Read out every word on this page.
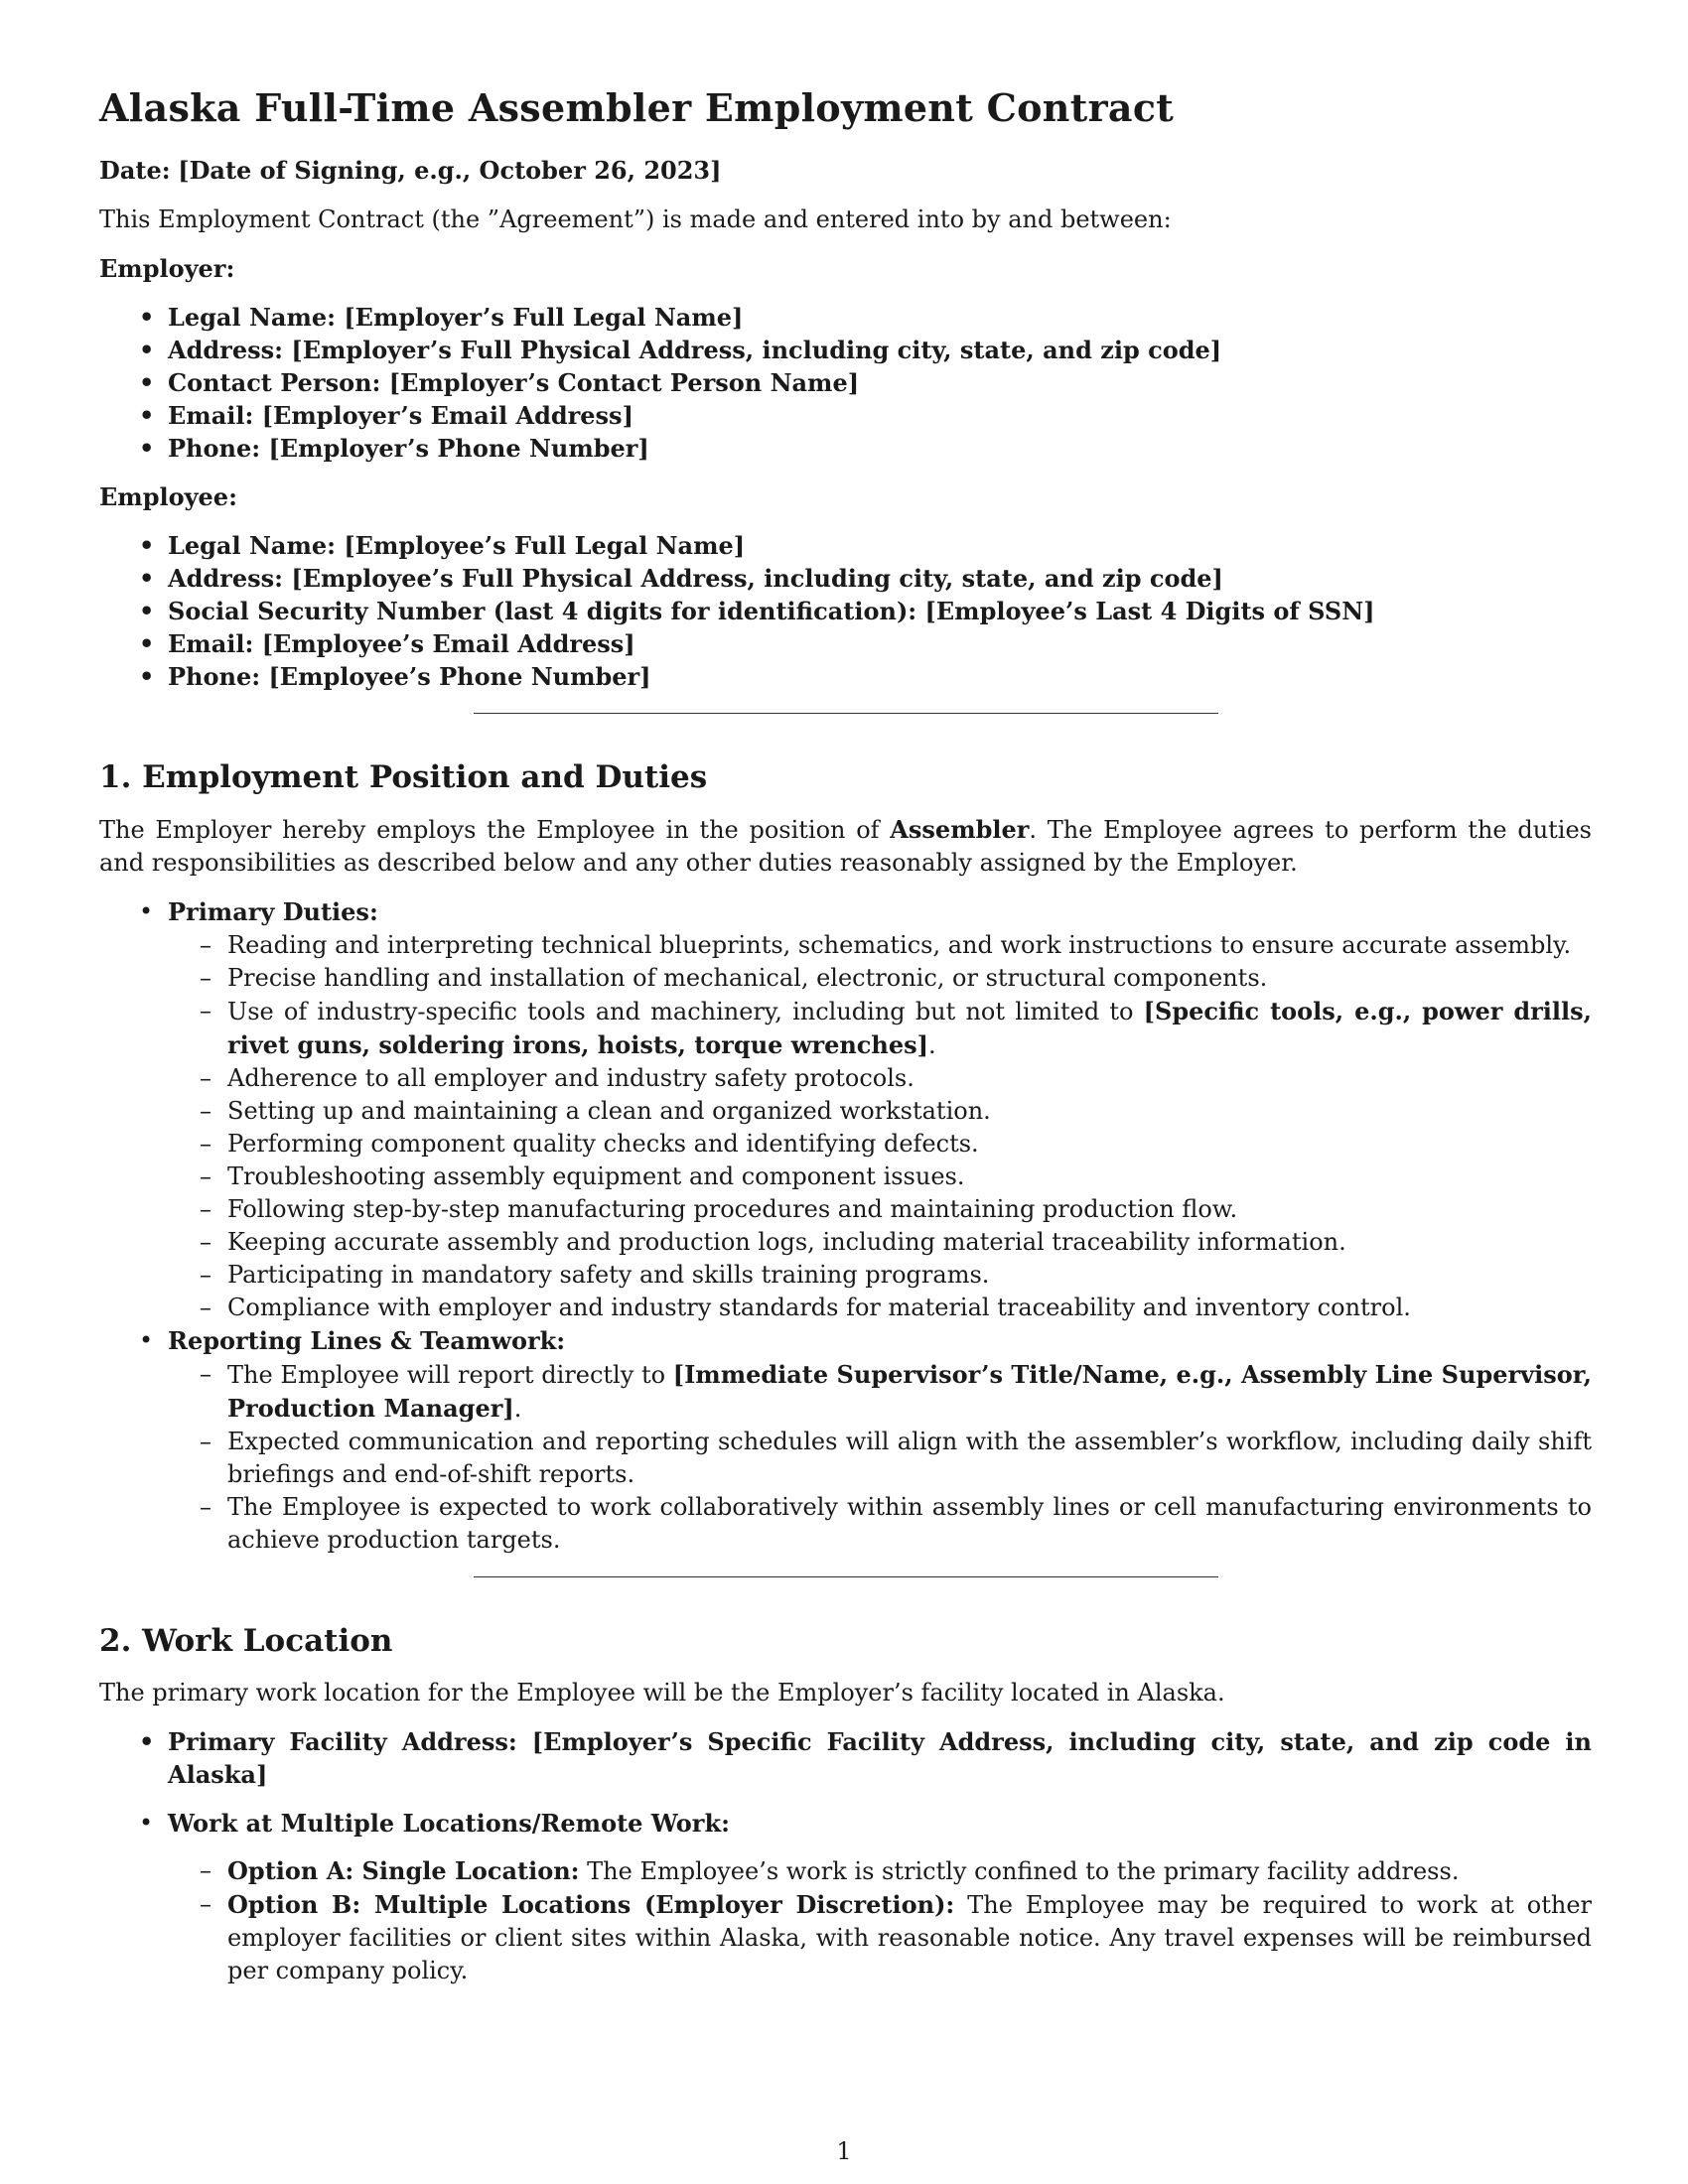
Alaska Full-Time Assembler Employment Contract

Date: [Date of Signing, e.g., October 26, 2023]

This Employment Contract (the ”Agreement”) is made and entered into by and between:

Employer:

• Legal Name: [Employer’s Full Legal Name]
• Address: [Employer’s Full Physical Address, including city, state, and zip code]
• Contact Person: [Employer’s Contact Person Name]
• Email: [Employer’s Email Address]
• Phone: [Employer’s Phone Number]

Employee:

• Legal Name: [Employee’s Full Legal Name]
• Address: [Employee’s Full Physical Address, including city, state, and zip code]
• Social Security Number (last 4 digits for identification): [Employee’s Last 4 Digits of SSN]
• Email: [Employee’s Email Address]
• Phone: [Employee’s Phone Number]
1. Employment Position and Duties

The Employer hereby employs the Employee in the position of Assembler. The Employee agrees to perform the duties and responsibilities as described below and any other duties reasonably assigned by the Employer.

• Primary Duties:
– Reading and interpreting technical blueprints, schematics, and work instructions to ensure accurate assembly.
– Precise handling and installation of mechanical, electronic, or structural components.
– Use of industry-specific tools and machinery, including but not limited to [Specific tools, e.g., power drills, rivet guns, soldering irons, hoists, torque wrenches].
– Adherence to all employer and industry safety protocols.
– Setting up and maintaining a clean and organized workstation.
– Performing component quality checks and identifying defects.
– Troubleshooting assembly equipment and component issues.
– Following step-by-step manufacturing procedures and maintaining production flow.
– Keeping accurate assembly and production logs, including material traceability information.
– Participating in mandatory safety and skills training programs.
– Compliance with employer and industry standards for material traceability and inventory control.
• Reporting Lines & Teamwork:
– The Employee will report directly to [Immediate Supervisor’s Title/Name, e.g., Assembly Line Supervisor, Production Manager].
– Expected communication and reporting schedules will align with the assembler’s workflow, including daily shift briefings and end-of-shift reports.
– The Employee is expected to work collaboratively within assembly lines or cell manufacturing environments to achieve production targets.
2. Work Location

The primary work location for the Employee will be the Employer’s facility located in Alaska.

• Primary Facility Address: [Employer’s Specific Facility Address, including city, state, and zip code in Alaska]
• Work at Multiple Locations/Remote Work:
– Option A: Single Location: The Employee’s work is strictly confined to the primary facility address.
– Option B: Multiple Locations (Employer Discretion): The Employee may be required to work at other employer facilities or client sites within Alaska, with reasonable notice. Any travel expenses will be reimbursed per company policy.
1
